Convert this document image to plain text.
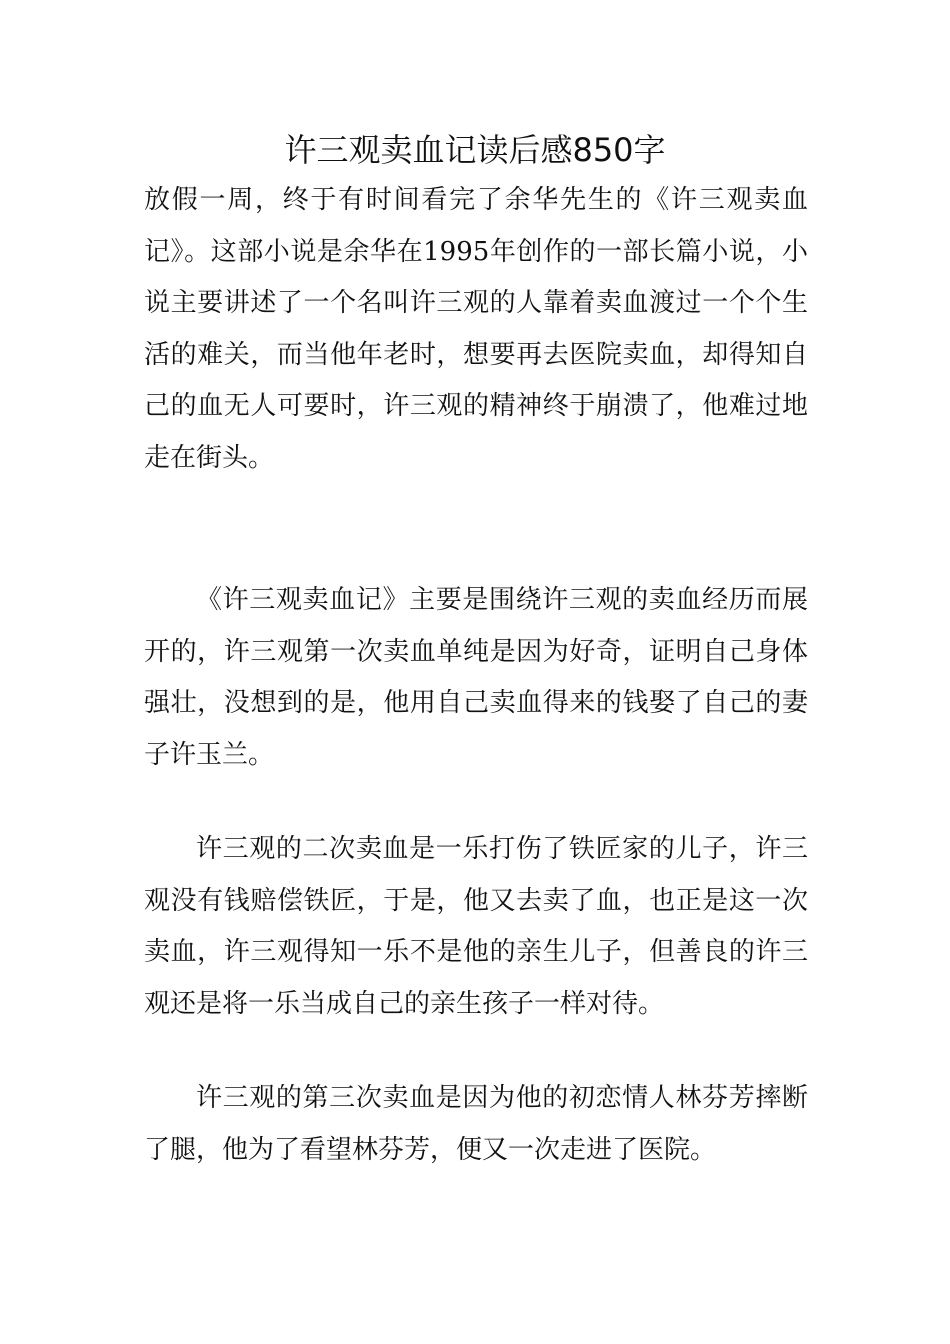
许三观卖血记读后感850字

放假一周，终于有时间看完了余华先生的《许三观卖血记》。这部小说是余华在1995年创作的一部长篇小说，小说主要讲述了一个名叫许三观的人靠着卖血渡过一个个生活的难关，而当他年老时，想要再去医院卖血，却得知自己的血无人可要时，许三观的精神终于崩溃了，他难过地走在街头。

《许三观卖血记》主要是围绕许三观的卖血经历而展开的，许三观第一次卖血单纯是因为好奇，证明自己身体强壮，没想到的是，他用自己卖血得来的钱娶了自己的妻子许玉兰。

许三观的二次卖血是一乐打伤了铁匠家的儿子，许三观没有钱赔偿铁匠，于是，他又去卖了血，也正是这一次卖血，许三观得知一乐不是他的亲生儿子，但善良的许三观还是将一乐当成自己的亲生孩子一样对待。

许三观的第三次卖血是因为他的初恋情人林芬芳摔断了腿，他为了看望林芬芳，便又一次走进了医院。
